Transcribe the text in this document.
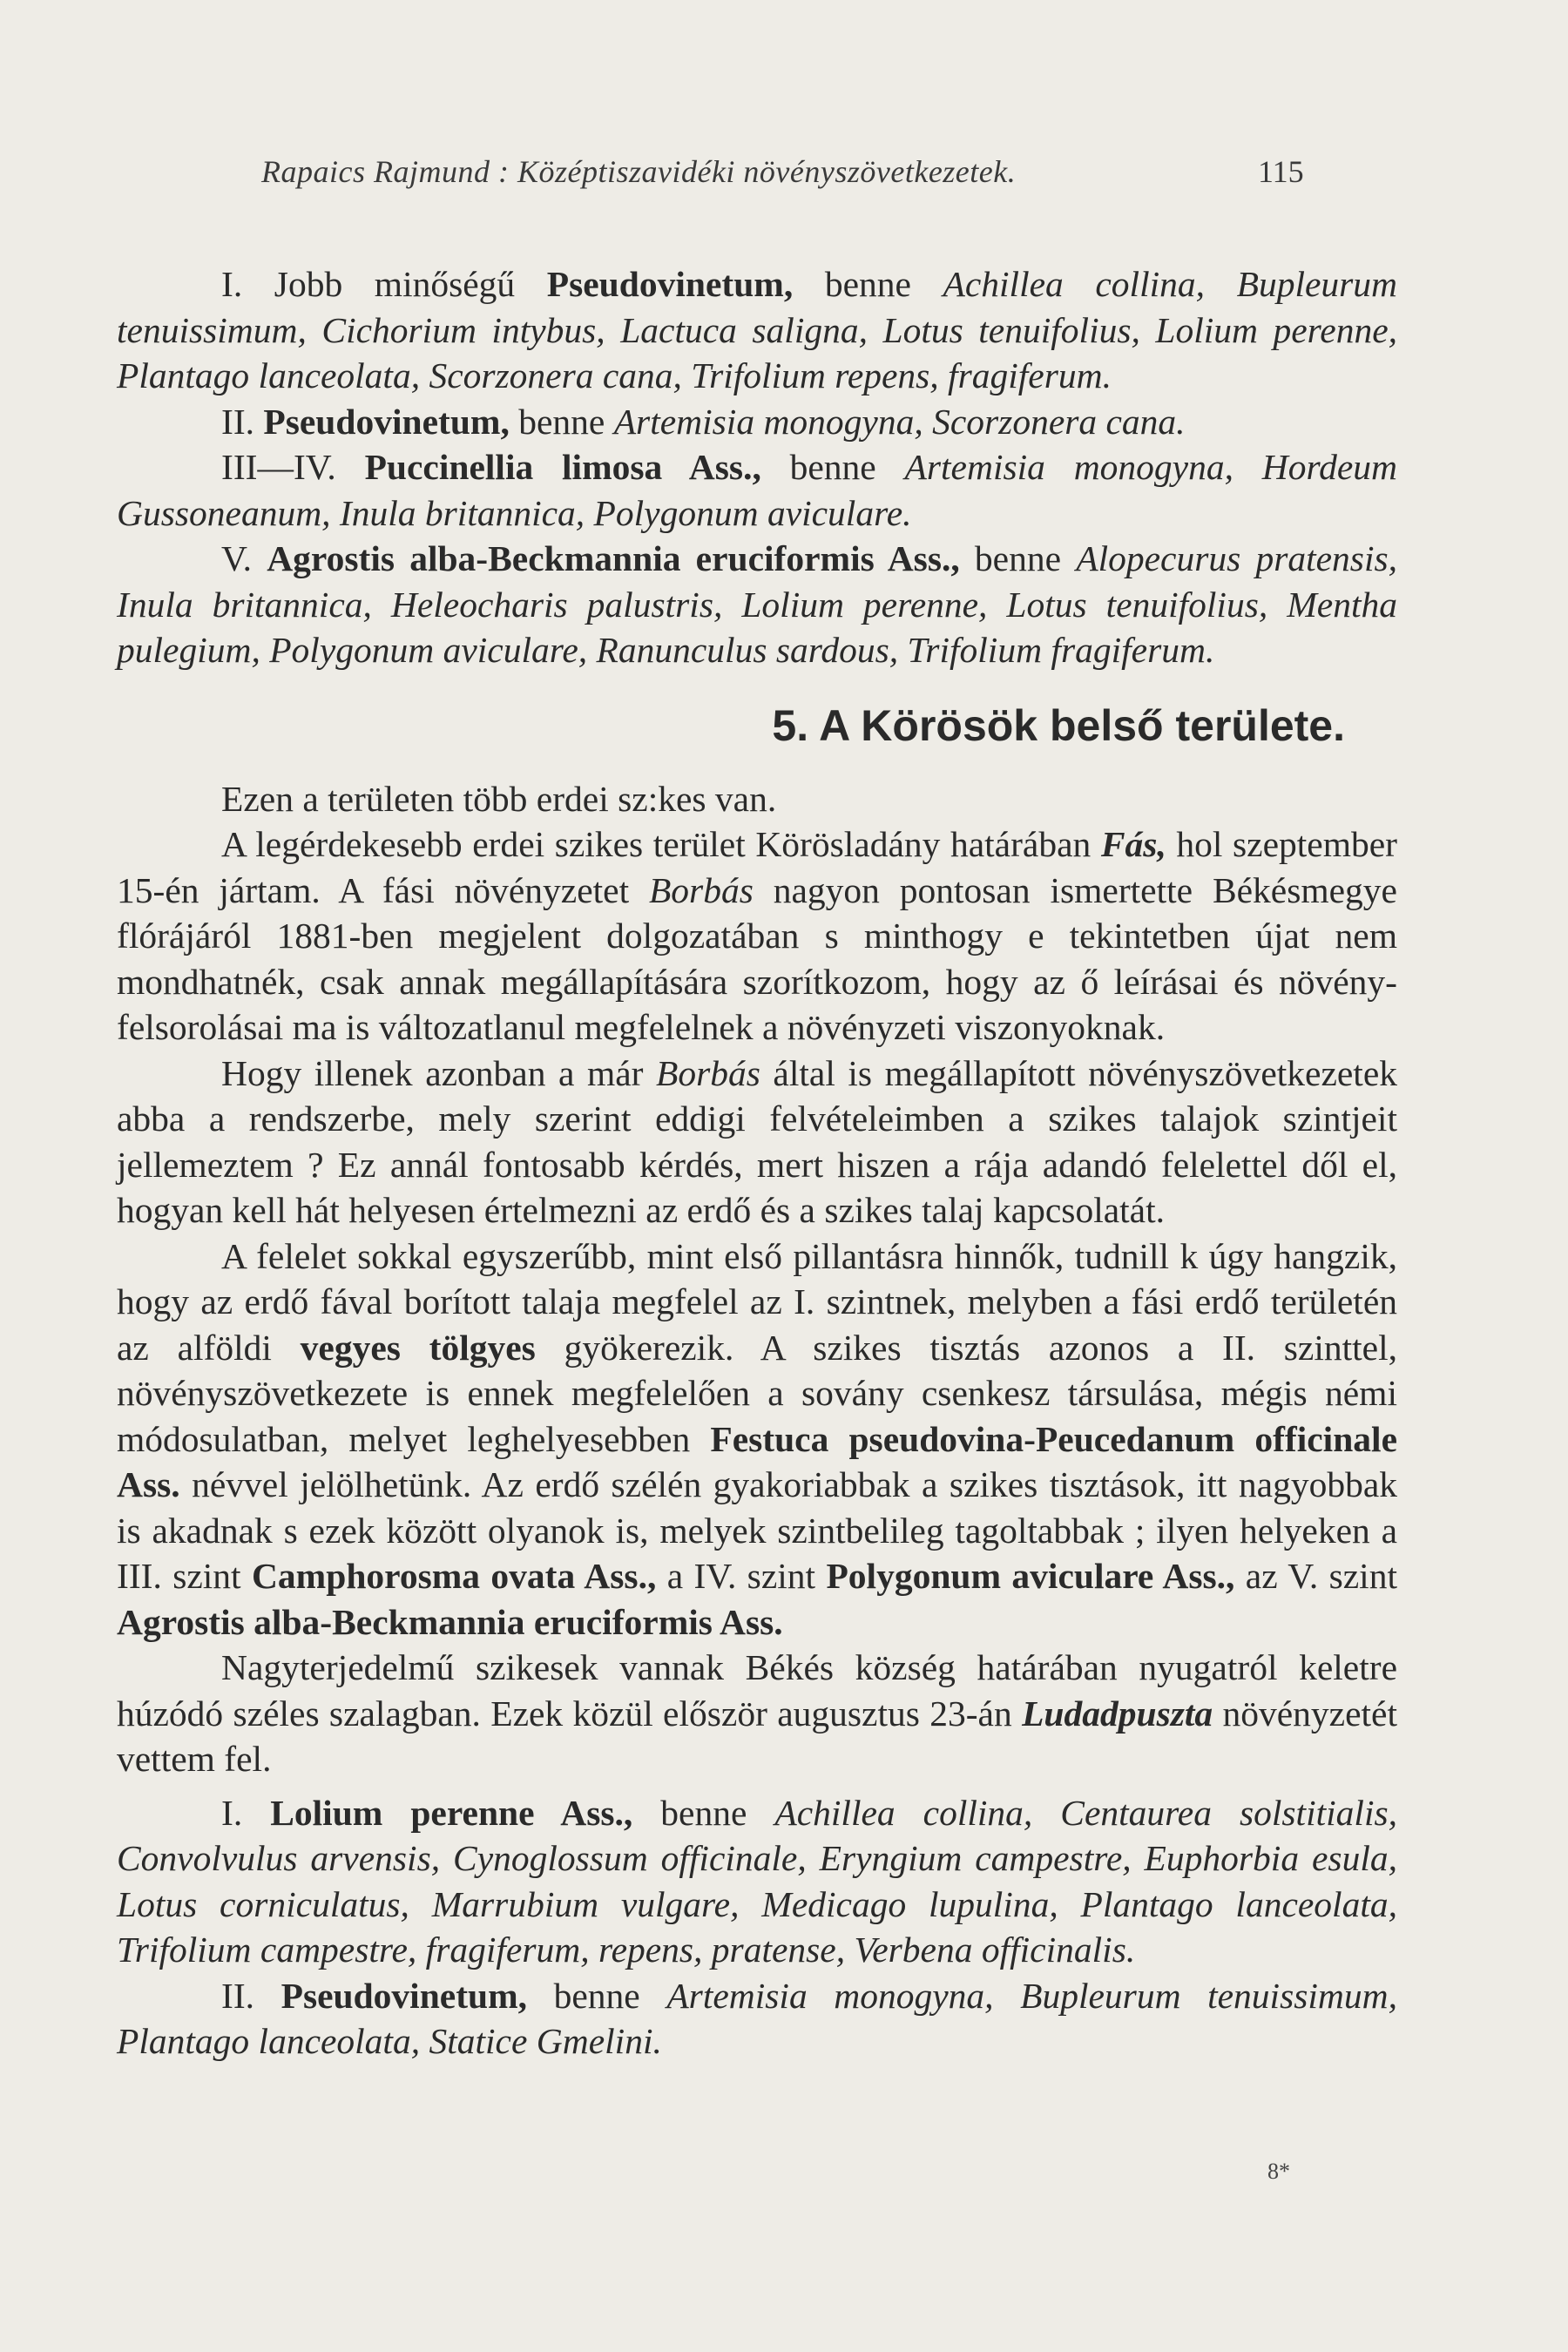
Rapaics Rajmund : Középtiszavidéki növényszövetkezetek.	115

I. Jobb minőségű Pseudovinetum, benne Achillea collina, Bupleurum tenuissimum, Cichorium intybus, Lactuca saligna, Lotus tenuifolius, Lolium perenne, Plantago lanceolata, Scorzonera cana, Trifolium repens, fragiferum.

II. Pseudovinetum, benne Artemisia monogyna, Scorzonera cana.

III—IV. Puccinellia limosa Ass., benne Artemisia monogyna, Hordeum Gussoneanum, Inula britannica, Polygonum aviculare.

V. Agrostis alba-Beckmannia eruciformis Ass., benne Alopecurus pratensis, Inula britannica, Heleocharis palustris, Lolium perenne, Lotus tenuifolius, Mentha pulegium, Polygonum aviculare, Ranunculus sardous, Trifolium fragiferum.

5. A Körösök belső területe.

Ezen a területen több erdei sz:kes van.

A legérdekesebb erdei szikes terület Körösladány határában Fás, hol szeptember 15-én jártam. A fási növényzetet Borbás nagyon pontosan ismertette Békésmegye flórájáról 1881-ben megjelent dolgozatában s minthogy e tekintetben újat nem mondhatnék, csak annak megállapítására szorítkozom, hogy az ő leírásai és növény-felsorolásai ma is változatlanul megfelelnek a növényzeti viszonyoknak.

Hogy illenek azonban a már Borbás által is megállapított növényszövetkezetek abba a rendszerbe, mely szerint eddigi felvételeimben a szikes talajok szintjeit jellemeztem ? Ez annál fontosabb kérdés, mert hiszen a rája adandó felelettel dől el, hogyan kell hát helyesen értelmezni az erdő és a szikes talaj kapcsolatát.

A felelet sokkal egyszerűbb, mint első pillantásra hinnők, tudnill k úgy hangzik, hogy az erdő fával borított talaja megfelel az I. szintnek, melyben a fási erdő területén az alföldi vegyes tölgyes gyökerezik. A szikes tisztás azonos a II. szinttel, növényszövetkezete is ennek megfelelően a sovány csenkesz társulása, mégis némi módosulatban, melyet leghelyesebben Festuca pseudovina-Peucedanum officinale Ass. névvel jelölhetünk. Az erdő szélén gyakoriabbak a szikes tisztások, itt nagyobbak is akadnak s ezek között olyanok is, melyek szintbelileg tagoltabbak ; ilyen helyeken a III. szint Camphorosma ovata Ass., a IV. szint Polygonum aviculare Ass., az V. szint Agrostis alba-Beckmannia eruciformis Ass.

Nagyterjedelmű szikesek vannak Békés község határában nyugatról keletre húzódó széles szalagban. Ezek közül először augusztus 23-án Ludadpuszta növényzetét vettem fel.

I. Lolium perenne Ass., benne Achillea collina, Centaurea solstitialis, Convolvulus arvensis, Cynoglossum officinale, Eryngium campestre, Euphorbia esula, Lotus corniculatus, Marrubium vulgare, Medicago lupulina, Plantago lanceolata, Trifolium campestre, fragiferum, repens, pratense, Verbena officinalis.

II. Pseudovinetum, benne Artemisia monogyna, Bupleurum tenuissimum, Plantago lanceolata, Statice Gmelini.

8*
